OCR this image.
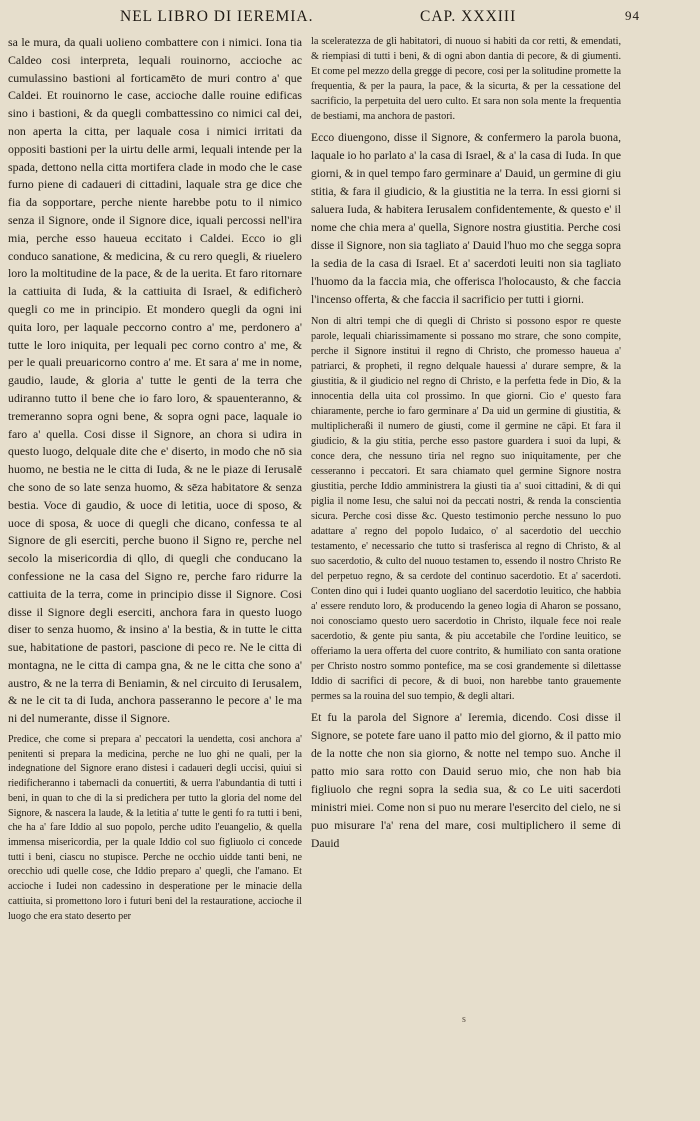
NEL LIBRO DI IEREMIA.	CAP. XXXIII	94

sa le mura, da quali uolieno combattere con i nimici. Iona tia Caldeo cosi interpreta, lequali rouinorno, accioche ac cumulassino bastioni al forticamēto de muri contro a' que Caldei. Et rouinorno le case, accioche dalle rouine edificas sino i bastioni, & da quegli combattessino co nimici cal dei, non aperta la citta, per laquale cosa i nimici irritati da oppositi bastioni per la uirtu delle armi, lequali intende per la spada, dettono nella citta mortifera clade in modo che le case furno piene di cadaueri di cittadini, laquale stra ge dice che fia da sopportare, perche niente harebbe potu to il nimico senza il Signore, onde il Signore dice, iquali percossi nell'ira mia, perche esso haueua eccitato i Caldei. Ecco io gli conduco sanatione, & medicina, & cu rero quegli, & riuelero loro la moltitudine de la pace, & de la uerita. Et faro ritornare la cattiuita di Iuda, & la cattiuita di Israel, & edificherò quegli co me in principio. Et mondero quegli da ogni ini quita loro, per laquale peccorno contro a' me, perdonero a' tutte le loro iniquita, per lequali pec corno contro a' me, & per le quali preuaricorno contro a' me. Et sara a' me in nome, gaudio, laude, & gloria a' tutte le genti de la terra che udiranno tutto il bene che io faro loro, & spauenteranno, & tremeranno sopra ogni bene, & sopra ogni pace, laquale io faro a' quella. Cosi disse il Signore, an chora si udira in questo luogo, delquale dite che e' diserto, in modo che nō sia huomo, ne bestia ne le citta di Iuda, & ne le piaze di Ierusalē che sono de so late senza huomo, & sēza habitatore & senza bestia. Voce di gaudio, & uoce di letitia, uoce di sposo, & uoce di sposa, & uoce di quegli che dicano, confessa te al Signore de gli eserciti, perche buono il Signo re, perche nel secolo la misericordia di qllo, di quegli che conducano la confessione ne la casa del Signo re, perche faro ridurre la cattiuita de la terra, come in principio disse il Signore. Cosi disse il Signore degli eserciti, anchora fara in questo luogo diser to senza huomo, & insino a' la bestia, & in tutte le citta sue, habitatione de pastori, pascione di peco re. Ne le citta di montagna, ne le citta di campa gna, & ne le citta che sono a' austro, & ne la terra di Beniamin, & nel circuito di Ierusalem, & ne le cit ta di Iuda, anchora passeranno le pecore a' le ma ni del numerante, disse il Signore.

Predice, che come si prepara a' peccatori la uendetta, cosi anchora a' penitenti si prepara la medicina, perche ne luo ghi ne quali, per la indegnatione del Signore erano distesi i cadaueri degli uccisi, quiui si riedificheranno i tabernacli da conuertiti, & uerra l'abundantia di tutti i beni, in quan to che di la si predichera per tutto la gloria del nome del Signore, & nascera la laude, & la letitia a' tutte le genti fo ra tutti i beni, che ha a' fare Iddio al suo popolo, perche udito l'euangelio, & quella immensa misericordia, per la quale Iddio col suo figliuolo ci concede tutti i beni, ciascu no stupisce. Perche ne occhio uidde tanti beni, ne orecchio udi quelle cose, che Iddio preparo a' quegli, che l'amano. Et accioche i Iudei non cadessino in desperatione per le minacie della cattiuita, si promettono loro i futuri beni del la restauratione, accioche il luogo che era stato deserto per

la sceleratezza de gli habitatori, di nuouo si habiti da cor retti, & emendati, & riempiasi di tutti i beni, & di ogni abon dantia di pecore, & di giumenti. Et come pel mezzo della gregge di pecore, cosi per la solitudine promette la frequentia, & per la paura, la pace, & la sicurta, & per la cessatione del sacrificio, la perpetuita del uero culto. Et sara non sola mente la frequentia de bestiami, ma anchora de pastori.

Ecco diuengono, disse il Signore, & confermero la parola buona, laquale io ho parlato a' la casa di Israel, & a' la casa di Iuda. In que giorni, & in quel tempo faro germinare a' Dauid, un germine di giu stitia, & fara il giudicio, & la giustitia ne la terra. In essi giorni si saluera Iuda, & habitera Ierusalem confidentemente, & questo e' il nome che chia mera a' quella, Signore nostra giustitia. Perche cosi disse il Signore, non sia tagliato a' Dauid l'huo mo che segga sopra la sedia de la casa di Israel. Et a' sacerdoti leuiti non sia tagliato l'huomo da la faccia mia, che offerisca l'holocausto, & che faccia l'incenso offerta, & che faccia il sacrificio per tutti i giorni.

Non di altri tempi che di quegli di Christo si possono espor re queste parole, lequali chiarissimamente si possano mo strare, che sono compite, perche il Signore instituì il regno di Christo, che promesso haueua a' patriarci, & propheti, il regno delquale hauessi a' durare sempre, & la giustitia, & il giudicio nel regno di Christo, e la perfetta fede in Dio, & la innocentia della uita col prossimo. In que giorni. Cio e' questo fara chiaramente, perche io faro germinare a' Da uid un germine di giustitia, & multiplicheraßi il numero de giusti, come il germine ne cāpi. Et fara il giudicio, & la giu stitia, perche esso pastore guardera i suoi da lupi, & conce dera, che nessuno tiria nel regno suo iniquitamente, per che cesseranno i peccatori. Et sara chiamato quel germine Signore nostra giustitia, perche Iddio amministrera la giusti tia a' suoi cittadini, & di qui piglia il nome Iesu, che salui noi da peccati nostri, & renda la conscientia sicura. Perche cosi disse &c. Questo testimonio perche nessuno lo puo adattare a' regno del popolo Iudaico, o' al sacerdotio del uecchio testamento, e' necessario che tutto si trasferisca al regno di Christo, & al suo sacerdotio, & culto del nuouo testamen to, essendo il nostro Christo Re del perpetuo regno, & sa cerdote del continuo sacerdotio. Et a' sacerdoti. Conten dino qui i Iudei quanto uogliano del sacerdotio leuitico, che habbia a' essere renduto loro, & producendo la geneo logia di Aharon se possano, noi conosciamo questo uero sacerdotio in Christo, ilquale fece noi reale sacerdotio, & gente piu santa, & piu accetabile che l'ordine leuitico, se offeriamo la uera offerta del cuore contrito, & humiliato con santa oratione per Christo nostro sommo pontefice, ma se cosi grandemente si dilettasse Iddio di sacrifici di pecore, & di buoi, non harebbe tanto grauemente permes sa la rouina del suo tempio, & degli altari.

Et fu la parola del Signore a' Ieremia, dicendo. Cosi disse il Signore, se potete fare uano il patto mio del giorno, & il patto mio de la notte che non sia giorno, & notte nel tempo suo. Anche il patto mio sara rotto con Dauid seruo mio, che non hab bia figliuolo che regni sopra la sedia sua, & co Le uiti sacerdoti ministri miei. Come non si puo nu merare l'esercito del cielo, ne si puo misurare l'a' rena del mare, cosi multiplichero il seme di Dauid

s
